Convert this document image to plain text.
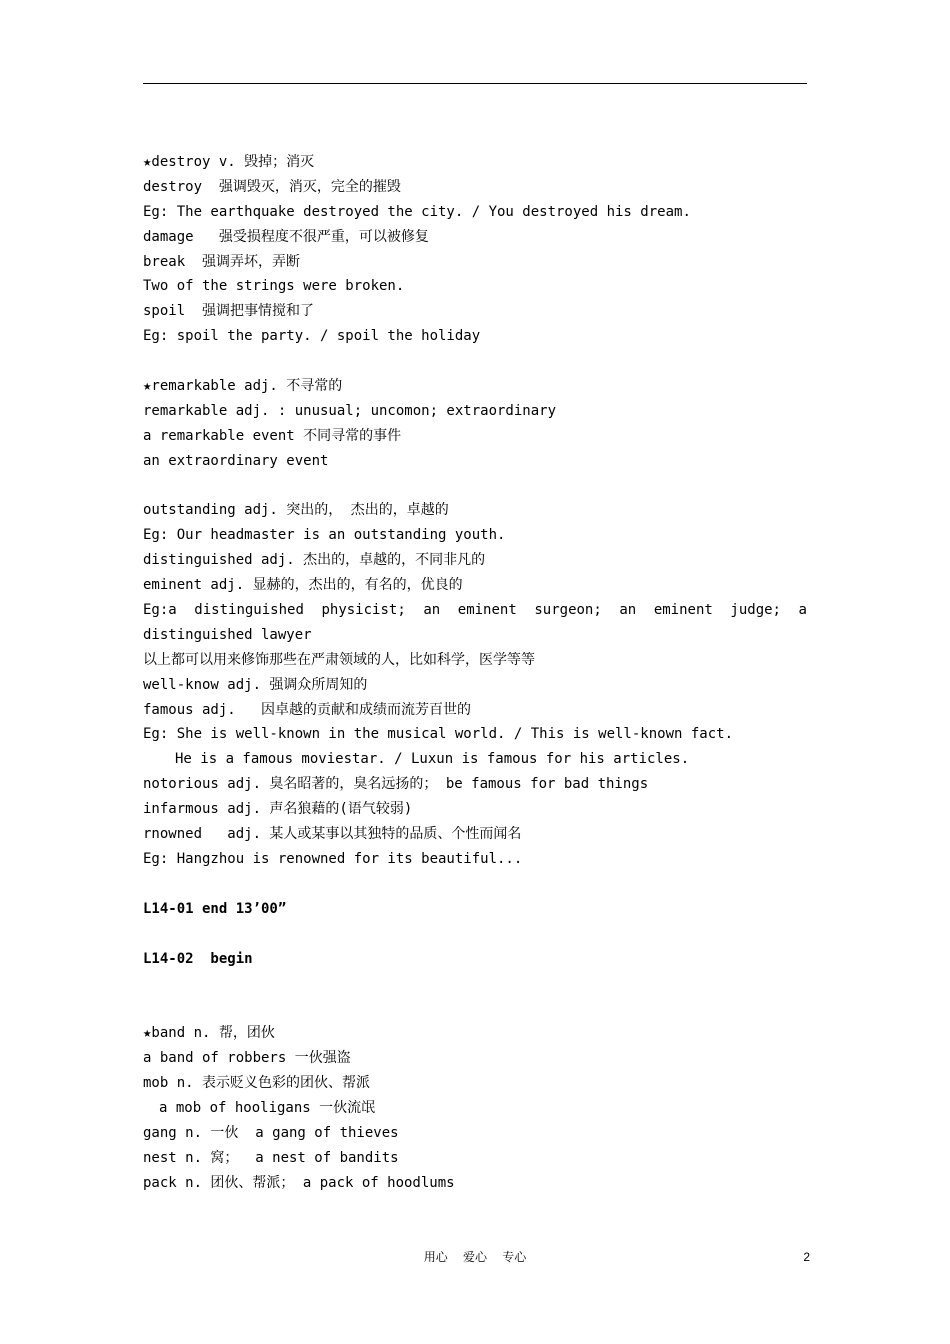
★destroy v. 毁掉；消灭
destroy  强调毁灭，消灭，完全的摧毁
Eg: The earthquake destroyed the city. / You destroyed his dream.
damage   强受损程度不很严重，可以被修复
break  强调弄坏，弄断
Two of the strings were broken.
spoil  强调把事情搅和了
Eg: spoil the party. / spoil the holiday
★remarkable adj. 不寻常的
remarkable adj. : unusual; uncomon; extraordinary
a remarkable event 不同寻常的事件
an extraordinary event
outstanding adj. 突出的， 杰出的，卓越的
Eg: Our headmaster is an outstanding youth.
distinguished adj. 杰出的，卓越的，不同非凡的
eminent adj. 显赫的，杰出的，有名的，优良的
Eg:a distinguished physicist; an eminent surgeon; an eminent judge; a
distinguished lawyer
以上都可以用来修饰那些在严肃领域的人，比如科学，医学等等
well-know adj. 强调众所周知的
famous adj.   因卓越的贡献和成绩而流芳百世的
Eg: She is well-known in the musical world. / This is well-known fact.
He is a famous moviestar. / Luxun is famous for his articles.
notorious adj. 臭名昭著的，臭名远扬的； be famous for bad things
infarmous adj. 声名狼藉的(语气较弱)
rnowned   adj. 某人或某事以其独特的品质、个性而闻名
Eg: Hangzhou is renowned for its beautiful...
L14-01 end 13’00”
L14-02  begin
★band n. 帮，团伙
a band of robbers 一伙强盗
mob n. 表示贬义色彩的团伙、帮派
a mob of hooligans 一伙流氓
gang n. 一伙  a gang of thieves
nest n. 窝；  a nest of bandits
pack n. 团伙、帮派； a pack of hoodlums
用心    爱心    专心	2
